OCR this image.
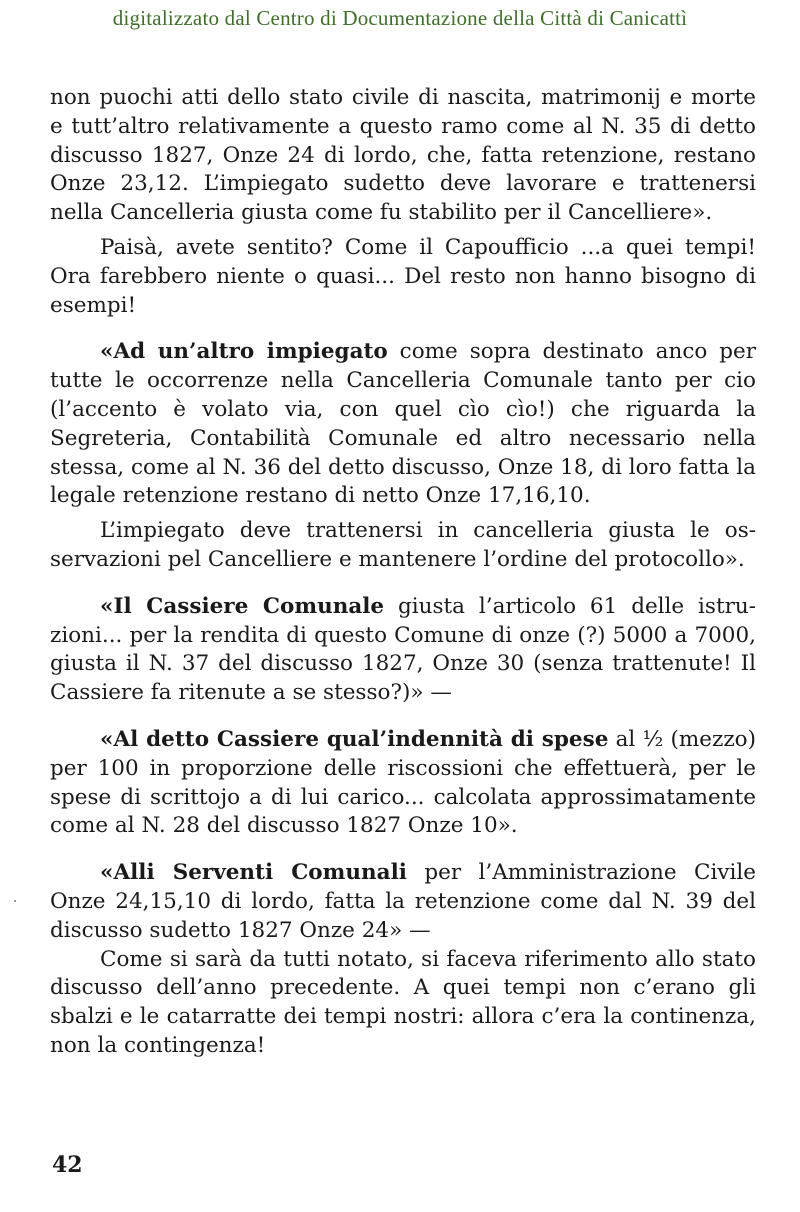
digitalizzato dal Centro di Documentazione della Città di Canicattì

non puochi atti dello stato civile di nascita, matrimonij e morte e tutt’altro relativamente a questo ramo come al N. 35 di detto discusso 1827, Onze 24 di lordo, che, fatta retenzione, restano Onze 23,12. L’impiegato sudetto deve lavorare e trattenersi nella Cancelleria giusta come fu stabilito per il Cancelliere».

Paisà, avete sentito? Come il Capoufficio ...a quei tempi! Ora farebbero niente o quasi... Del resto non hanno bisogno di esempi!

«Ad un’altro impiegato come sopra destinato anco per tutte le occorrenze nella Cancelleria Comunale tanto per cio (l’accento è volato via, con quel cìo cìo!) che riguarda la Segreteria, Contabilità Comunale ed altro necessario nella stessa, come al N. 36 del detto discusso, Onze 18, di loro fatta la legale retenzione restano di netto Onze 17,16,10.

L’impiegato deve trattenersi in cancelleria giusta le osservazioni pel Cancelliere e mantenere l’ordine del protocollo».

«Il Cassiere Comunale giusta l’articolo 61 delle istruzioni... per la rendita di questo Comune di onze (?) 5000 a 7000, giusta il N. 37 del discusso 1827, Onze 30 (senza trattenute! Il Cassiere fa ritenute a se stesso?)» —

«Al detto Cassiere qual’indennità di spese al ½ (mezzo) per 100 in proporzione delle riscossioni che effettuerà, per le spese di scrittojo a di lui carico... calcolata approssimatamente come al N. 28 del discusso 1827 Onze 10».

«Alli Serventi Comunali per l’Amministrazione Civile Onze 24,15,10 di lordo, fatta la retenzione come dal N. 39 del discusso sudetto 1827 Onze 24» —

Come si sarà da tutti notato, si faceva riferimento allo stato discusso dell’anno precedente. A quei tempi non c’erano gli sbalzi e le catarratte dei tempi nostri: allora c’era la continenza, non la contingenza!

42
